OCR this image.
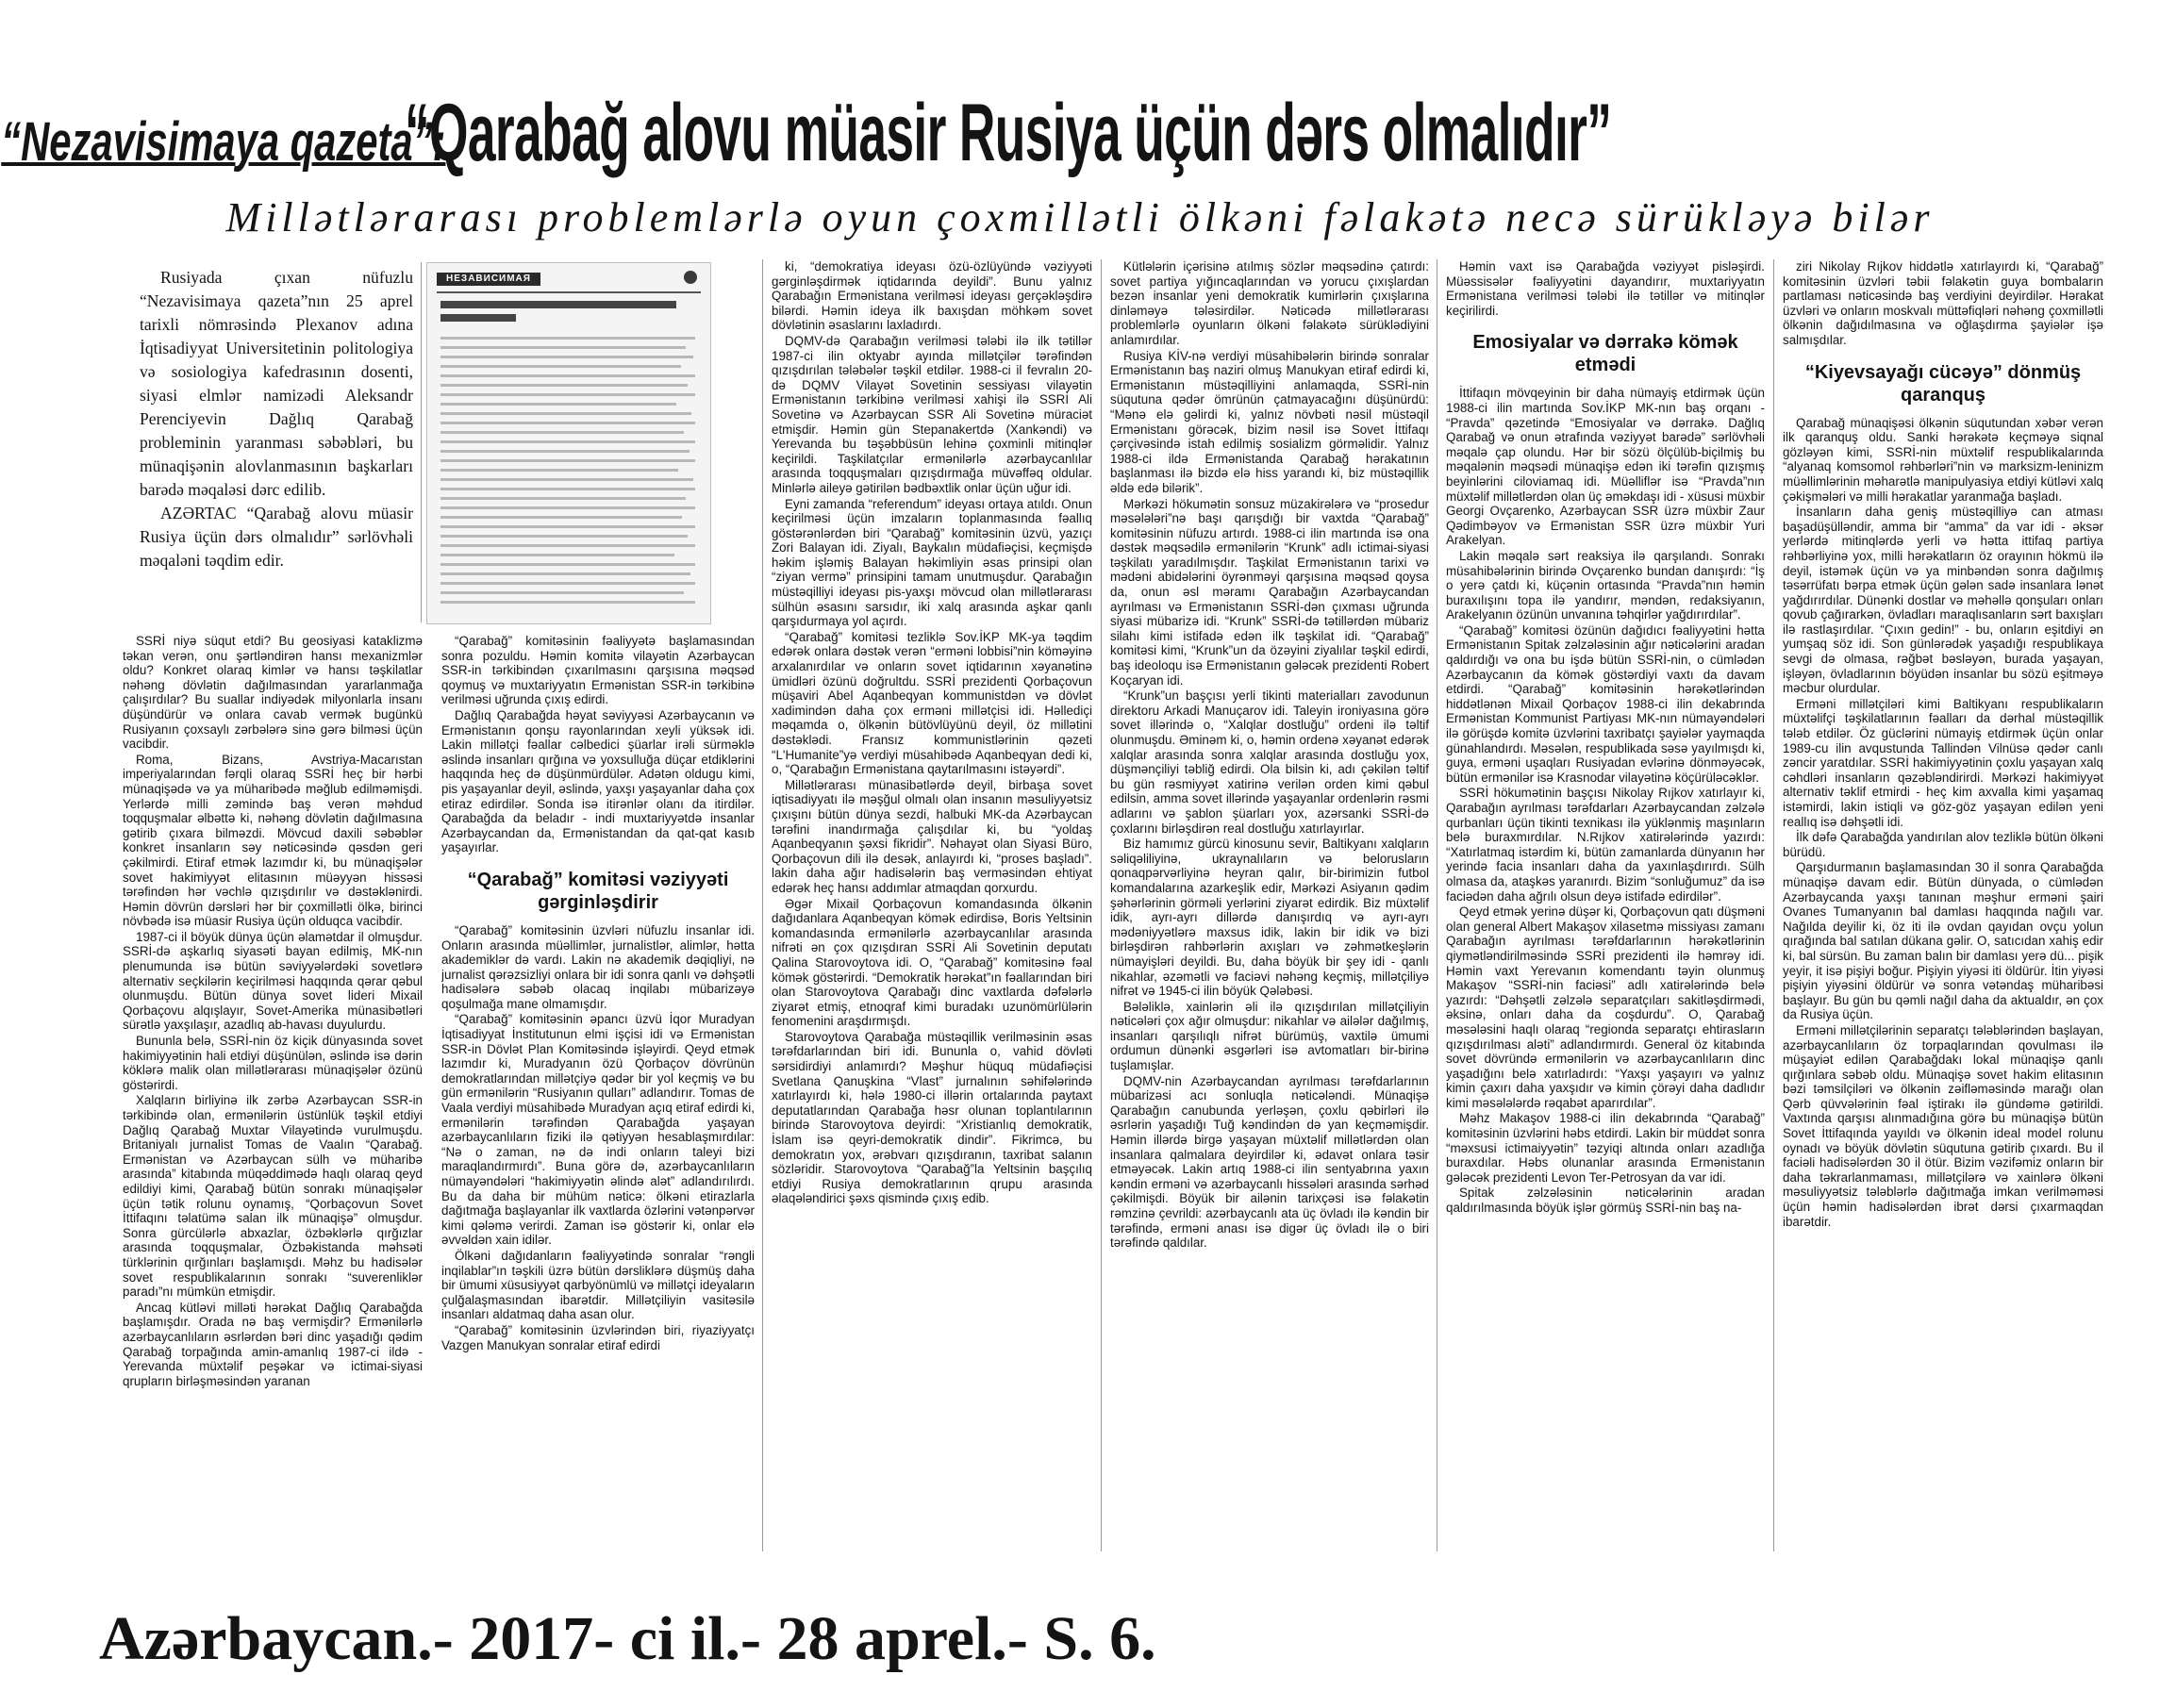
“Nezavisimaya qazeta”:
“Qarabağ alovu müasir Rusiya üçün dərs olmalıdır”
Millətlərarası problemlərlə oyun çoxmillətli ölkəni fəlakətə necə sürükləyə bilər

Rusiyada çıxan nüfuzlu “Nezavisimaya qazeta”nın 25 aprel tarixli nömrəsində Plexanov adına İqtisadiyyat Universitetinin politologiya və sosiologiya kafedrasının dosenti, siyasi elmlər namizədi Aleksandr Perenciyevin Dağlıq Qarabağ probleminin yaranması səbəbləri, bu münaqişənin alovlanmasının başkarları barədə məqaləsi dərc edilib.

AZƏRTAC “Qarabağ alovu müasir Rusiya üçün dərs olmalıdır” sərlövhəli məqaləni təqdim edir.

НЕЗАВИСИМАЯ

SSRİ niyə süqut etdi? Bu geosiyasi kataklizmə təkan verən, onu şərtləndirən hansı mexanizmlər oldu? Konkret olaraq kimlər və hansı təşkilatlar nəhəng dövlətin dağılmasından yararlanmağa çalışırdılar? Bu suallar indiyədək milyonlarla insanı düşündürür və onlara cavab vermək bugünkü Rusiyanın çoxsaylı zərbələrə sinə gərə bilməsi üçün vacibdir.

Roma, Bizans, Avstriya-Macarıstan imperiyalarından fərqli olaraq SSRİ heç bir hərbi münaqişədə və ya müharibədə məğlub edilməmişdi. Yerlərdə milli zəmində baş verən məhdud toqquşmalar əlbəttə ki, nəhəng dövlətin dağılmasına gətirib çıxara bilməzdi. Mövcud daxili səbəblər konkret insanların səy nəticəsində qəsdən geri çəkilmirdi. Etiraf etmək lazımdır ki, bu münaqişələr sovet hakimiyyət elitasının müəyyən hissəsi tərəfindən hər vəchlə qızışdırılır və dəstəklənirdi. Həmin dövrün dərsləri hər bir çoxmillətli ölkə, birinci növbədə isə müasir Rusiya üçün olduqca vacibdir.

1987-ci il böyük dünya üçün əlamətdar il olmuşdur. SSRİ-də aşkarlıq siyasəti bayan edilmiş, MK-nın plenumunda isə bütün səviyyələrdəki sovetlərə alternativ seçkilərin keçirilməsi haqqında qərar qəbul olunmuşdu. Bütün dünya sovet lideri Mixail Qorbaçovu alqışlayır, Sovet-Amerika münasibətləri sürətlə yaxşılaşır, azadlıq ab-havası duyulurdu.

Bununla belə, SSRİ-nin öz kiçik dünyasında sovet hakimiyyətinin hali etdiyi düşünülən, əslində isə dərin köklərə malik olan millətlərarası münaqişələr özünü göstərirdi.

Xalqların birliyinə ilk zərbə Azərbaycan SSR-in tərkibində olan, ermənilərin üstünlük təşkil etdiyi Dağlıq Qarabağ Muxtar Vilayətində vurulmuşdu. Britaniyalı jurnalist Tomas de Vaalın “Qarabağ. Ermənistan və Azərbaycan sülh və müharibə arasında” kitabında müqəddimədə haqlı olaraq qeyd edildiyi kimi, Qarabağ bütün sonrakı münaqişələr üçün tətik rolunu oynamış, “Qorbaçovun Sovet İttifaqını təlatümə salan ilk münaqişə” olmuşdur. Sonra gürcülərlə abxazlar, özbəklərlə qırğızlar arasında toqquşmalar, Özbəkistanda məhsəti türklərinin qırğınları başlamışdı. Məhz bu hadisələr sovet respublikalarının sonrakı “suverenliklər paradı”nı mümkün etmişdir.

Ancaq kütləvi milləti hərəkat Dağlıq Qarabağda başlamışdır. Orada nə baş vermişdir? Ermənilərlə azərbaycanlıların əsrlərdən bəri dinc yaşadığı qədim Qarabağ torpağında amin-amanlıq 1987-ci ildə - Yerevanda müxtəlif peşəkar və ictimai-siyasi qrupların birləşməsindən yaranan

“Qarabağ” komitəsinin fəaliyyətə başlamasından sonra pozuldu. Həmin komitə vilayətin Azərbaycan SSR-in tərkibindən çıxarılmasını qarşısına məqsəd qoymuş və muxtariyyatın Ermənistan SSR-in tərkibinə verilməsi uğrunda çıxış edirdi.

Dağlıq Qarabağda həyat səviyyəsi Azərbaycanın və Ermənistanın qonşu rayonlarından xeyli yüksək idi. Lakin millətçi fəallar cəlbedici şüarlar irəli sürməklə əslində insanları qırğına və yoxsulluğa düçar etdiklərini haqqında heç də düşünmürdülər. Adətən oldugu kimi, pis yaşayanlar deyil, əslində, yaxşı yaşayanlar daha çox etiraz edirdilər. Sonda isə itirənlər olanı da itirdilər. Qarabağda da beladır - indi muxtariyyətdə insanlar Azərbaycandan da, Ermənistandan da qat-qat kasıb yaşayırlar.

“Qarabağ” komitəsi vəziyyəti gərginləşdirir

“Qarabağ” komitəsinin üzvləri nüfuzlu insanlar idi. Onların arasında müəllimlər, jurnalistlər, alimlər, hətta akademiklər də vardı. Lakin nə akademik dəqiqliyi, nə jurnalist qərəzsizliyi onlara bir idi sonra qanlı və dəhşətli hadisələrə səbəb olacaq inqilabı mübarizəyə qoşulmağa mane olmamışdır.

“Qarabağ” komitəsinin əpancı üzvü İqor Muradyan İqtisadiyyat İnstitutunun elmi işçisi idi və Ermənistan SSR-in Dövlət Plan Komitəsində işləyirdi. Qeyd etmək lazımdır ki, Muradyanın özü Qorbaçov dövrünün demokratlarından millətçiyə qədər bir yol keçmiş və bu gün ermənilərin “Rusiyanın qulları” adlandırır. Tomas de Vaala verdiyi müsahibədə Muradyan açıq etiraf edirdi ki, ermənilərin tərəfindən Qarabağda yaşayan azərbaycanlıların fiziki ilə qətiyyən hesablaşmırdılar: “Nə o zaman, nə də indi onların taleyi bizi maraqlandırmırdı”. Buna görə də, azərbaycanlıların nümayəndələri “hakimiyyətin əlində alət” adlandırılırdı. Bu da daha bir mühüm nəticə: ölkəni etirazlarla dağıtmağa başlayanlar ilk vaxtlarda özlərini vətənpərvər kimi qələmə verirdi. Zaman isə göstərir ki, onlar elə əvvəldən xain idilər.

Ölkəni dağıdanların fəaliyyətində sonralar “rəngli inqilablar”ın təşkili üzrə bütün dərsliklərə düşmüş daha bir ümumi xüsusiyyət qarbyönümlü və millətçi ideyaların çulğalaşmasından ibarətdir. Millətçiliyin vasitəsilə insanları aldatmaq daha asan olur.

“Qarabağ” komitəsinin üzvlərindən biri, riyaziyyatçı Vazgen Manukyan sonralar etiraf edirdi

ki, “demokratiya ideyası özü-özlüyündə vəziyyəti gərginləşdirmək iqtidarında deyildi”. Bunu yalnız Qarabağın Ermənistana verilməsi ideyası gerçəkləşdirə bilərdi. Həmin ideya ilk baxışdan möhkəm sovet dövlətinin əsaslarını laxladırdı.

DQMV-də Qarabağın verilməsi tələbi ilə ilk tətillər 1987-ci ilin oktyabr ayında millətçilər tərəfindən qızışdırılan tələbələr təşkil etdilər. 1988-ci il fevralın 20-də DQMV Vilayət Sovetinin sessiyası vilayətin Ermənistanın tərkibinə verilməsi xahişi ilə SSRİ Ali Sovetinə və Azərbaycan SSR Ali Sovetinə müraciət etmişdir. Həmin gün Stepanakertdə (Xankəndi) və Yerevanda bu təşəbbüsün lehinə çoxminli mitinqlər keçirildi. Taşkilatçılar ermənilərlə azərbaycanlılar arasında toqquşmaları qızışdırmağa müvəffəq oldular. Minlərlə aileyə gətirilən bədbəxtlik onlar üçün uğur idi.

Eyni zamanda “referendum” ideyası ortaya atıldı. Onun keçirilməsi üçün imzaların toplanmasında fəallıq göstərənlərdən biri “Qarabağ” komitəsinin üzvü, yazıçı Zori Balayan idi. Ziyalı, Baykalın müdafiəçisi, keçmişdə həkim işləmiş Balayan həkimliyin əsas prinsipi olan “ziyan vermə” prinsipini tamam unutmuşdur. Qarabağın müstəqilliyi ideyası pis-yaxşı mövcud olan millətlərarası sülhün əsasını sarsıdır, iki xalq arasında aşkar qanlı qarşıdurmaya yol açırdı.

“Qarabağ” komitəsi tezliklə Sov.İKP MK-ya təqdim edərək onlara dəstək verən “erməni lobbisi”nin köməyinə arxalanırdılar və onların sovet iqtidarının xəyanətinə ümidləri özünü doğrultdu. SSRİ prezidenti Qorbaçovun müşaviri Abel Aqanbeqyan kommunistdən və dövlət xadimindən daha çox erməni millətçisi idi. Həllediçi məqamda o, ölkənin bütövlüyünü deyil, öz millətini dəstəklədi. Fransız kommunistlərinin qəzeti “L'Humanite”yə verdiyi müsahibədə Aqanbeqyan dedi ki, o, “Qarabağın Ermənistana qaytarılmasını istəyərdi”.

Millətlərarası münasibətlərdə deyil, birbaşa sovet iqtisadiyyatı ilə məşğul olmalı olan insanın məsuliyyətsiz çıxışını bütün dünya sezdi, halbuki MK-da Azərbaycan tərəfini inandırmağa çalışdılar ki, bu “yoldaş Aqanbeqyanın şəxsi fikridir”. Nəhayət olan Siyasi Büro, Qorbaçovun dili ilə desək, anlayırdı ki, “proses başladı”. lakin daha ağır hadisələrin baş verməsindən ehtiyat edərək heç hansı addımlar atmaqdan qorxurdu.

Əgər Mixail Qorbaçovun komandasında ölkənin dağıdanlara Aqanbeqyan kömək edirdisə, Boris Yeltsinin komandasında ermənilərlə azərbaycanlılar arasında nifrəti ən çox qızışdıran SSRİ Ali Sovetinin deputatı Qalina Starovoytova idi. O, “Qarabağ” komitəsinə fəal kömək göstərirdi. “Demokratik hərəkat”ın fəallarından biri olan Starovoytova Qarabağı dinc vaxtlarda dəfələrlə ziyarət etmiş, etnoqraf kimi buradakı uzunömürlülərin fenomenini araşdırmışdı.

Starovoytova Qarabağa müstəqillik verilməsinin əsas tərəfdarlarından biri idi. Bununla o, vahid dövləti sərsidirdiyi anlamırdı? Məşhur hüquq müdafiəçisi Svetlana Qanuşkina “Vlast” jurnalının səhifələrində xatırlayırdı ki, hələ 1980-ci illərin ortalarında paytaxt deputatlarından Qarabağa həsr olunan toplantılarının birində Starovoytova deyirdi: “Xristianlıq demokratik, İslam isə qeyri-demokratik dindir”. Fikrimcə, bu demokratın yox, ərəbvarı qızışdıranın, taxribat salanın sözləridir. Starovoytova “Qarabağ”la Yeltsinin başçılıq etdiyi Rusiya demokratlarının qrupu arasında əlaqələndirici şəxs qismində çıxış edib.

Kütlələrin içərisinə atılmış sözlər məqsədinə çatırdı: sovet partiya yığıncaqlarından və yorucu çıxışlardan bezən insanlar yeni demokratik kumirlərin çıxışlarına dinləməyə tələsirdilər. Nəticədə millətlərarası problemlərlə oyunların ölkəni fəlakətə sürüklədiyini anlamırdılar.

Rusiya KİV-nə verdiyi müsahibələrin birində sonralar Ermənistanın baş naziri olmuş Manukyan etiraf edirdi ki, Ermənistanın müstəqilliyini anlamaqda, SSRİ-nin süqutuna qədər ömrünün çatmayacağını düşünürdü: “Mənə elə gəlirdi ki, yalnız növbəti nəsil müstəqil Ermənistanı görəcək, bizim nəsil isə Sovet İttifaqı çərçivəsində istah edilmiş sosializm görməlidir. Yalnız 1988-ci ildə Ermənistanda Qarabağ hərakatının başlanması ilə bizdə elə hiss yarandı ki, biz müstəqillik əldə edə bilərik”.

Mərkəzi hökumətin sonsuz müzakirələrə və “prosedur məsələləri”nə başı qarışdığı bir vaxtda “Qarabağ” komitəsinin nüfuzu artırdı. 1988-ci ilin martında isə ona dəstək məqsədilə ermənilərin “Krunk” adlı ictimai-siyasi təşkilatı yaradılmışdır. Taşkilat Ermənistanın tarixi və mədəni abidələrini öyrənməyi qarşısına məqsəd qoysa da, onun əsl məramı Qarabağın Azərbaycandan ayrılması və Ermənistanın SSRİ-dən çıxması uğrunda siyasi mübarizə idi. “Krunk” SSRİ-də tətillərdən mübariz silahı kimi istifadə edən ilk təşkilat idi. “Qarabağ” komitəsi kimi, “Krunk”un da özəyini ziyalılar təşkil edirdi, baş ideoloqu isə Ermənistanın gələcək prezidenti Robert Koçaryan idi.

“Krunk”un başçısı yerli tikinti materialları zavodunun direktoru Arkadi Manuçarov idi. Taleyin ironiyasına görə sovet illərində o, “Xalqlar dostluğu” ordeni ilə təltif olunmuşdu. Əminəm ki, o, həmin ordenə xəyanət edərək xalqlar arasında sonra xalqlar arasında dostluğu yox, düşmənçiliyi təbliğ edirdi. Ola bilsin ki, adı çəkilən təltif bu gün rəsmiyyət xatirinə verilən orden kimi qəbul edilsin, amma sovet illərində yaşayanlar ordenlərin rəsmi adlarını və şablon şüarları yox, azərsanki SSRİ-də çoxlarını birləşdirən real dostluğu xatırlayırlar.

Biz hamımız gürcü kinosunu sevir, Baltikyanı xalqların səliqəliliyinə, ukraynalıların və belorusların qonaqpərvərliyinə heyran qalır, bir-birimizin futbol komandalarına azarkeşlik edir, Mərkəzi Asiyanın qədim şəhərlərinin görməli yerlərini ziyarət edirdik. Biz müxtəlif idik, ayrı-ayrı dillərdə danışırdıq və ayrı-ayrı mədəniyyətlərə maxsus idik, lakin bir idik və bizi birləşdirən rahbərlərin axışları və zəhmətkeşlərin nümayişləri deyildi. Bu, daha böyük bir şey idi - qanlı nikahlar, əzəmətli və faciəvi nəhəng keçmiş, millətçiliyə nifrət və 1945-ci ilin böyük Qələbəsi.

Bələliklə, xainlərin əli ilə qızışdırılan millətçiliyin nəticələri çox ağır olmuşdur: nikahlar və ailələr dağılmış, insanları qarşılıqlı nifrət bürümüş, vaxtilə ümumi ordumun dünənki əsgərləri isə avtomatları bir-birinə tuşlamışlar.

DQMV-nin Azərbaycandan ayrılması tərəfdarlarının mübarizəsi acı sonluqla nəticələndi. Münaqişə Qarabağın canubunda yerləşən, çoxlu qəbirləri ilə əsrlərin yaşadığı Tuğ kəndindən də yan keçməmişdir. Həmin illərdə birgə yaşayan müxtəlif millətlərdən olan insanlara qalmalara deyirdilər ki, ədavət onlara təsir etməyəcək. Lakin artıq 1988-ci ilin sentyabrına yaxın kəndin erməni və azərbaycanlı hissələri arasında sərhəd çəkilmişdi. Böyük bir ailənin tarixçəsi isə fəlakətin rəmzinə çevrildi: azərbaycanlı ata üç övladı ilə kəndin bir tərəfində, erməni anası isə digər üç övladı ilə o biri tərəfində qaldılar.

Həmin vaxt isə Qarabağda vəziyyət pisləşirdi. Müəssisələr fəaliyyətini dayandırır, muxtariyyatın Ermənistana verilməsi tələbi ilə tətillər və mitinqlər keçirilirdi.

Emosiyalar və dərrakə kömək etmədi

İttifaqın mövqeyinin bir daha nümayiş etdirmək üçün 1988-ci ilin martında Sov.İKP MK-nın baş orqanı - “Pravda” qəzetində “Emosiyalar və dərrakə. Dağlıq Qarabağ və onun ətrafında vəziyyət barədə” sərlövhəli məqalə çap olundu. Hər bir sözü ölçülüb-biçilmiş bu məqalənin məqsədi münaqişə edən iki tərəfin qızışmış beyinlərini ciloviamaq idi. Müəlliflər isə “Pravda”nın müxtəlif millətlərdən olan üç əməkdaşı idi - xüsusi müxbir Georgi Ovçarenko, Azərbaycan SSR üzrə müxbir Zaur Qədimbəyov və Ermənistan SSR üzrə müxbir Yuri Arakelyan.

Lakin məqalə sərt reaksiya ilə qarşılandı. Sonrakı müsahibələrinin birində Ovçarenko bundan danışırdı: “İş o yerə çatdı ki, küçənin ortasında “Pravda”nın həmin buraxılışını topa ilə yandırır, məndən, redaksiyanın, Arakelyanın özünün unvanına təhqirlər yağdırırdılar”.

“Qarabağ” komitəsi özünün dağıdıcı fəaliyyətini hətta Ermənistanın Spitak zəlzələsinin ağır nəticələrini aradan qaldırdığı və ona bu işdə bütün SSRİ-nin, o cümlədən Azərbaycanın da kömək göstərdiyi vaxtı da davam etdirdi. “Qarabağ” komitəsinin hərəkətlərindən hiddətlənən Mixail Qorbaçov 1988-ci ilin dekabrında Ermənistan Kommunist Partiyası MK-nın nümayəndələri ilə görüşdə komitə üzvlərini taxribatçı şayiələr yaymaqda günahlandırdı. Məsələn, respublikada səsə yayılmışdı ki, guya, erməni uşaqları Rusiyadan evlərinə dönməyəcək, bütün ermənilər isə Krasnodar vilayətinə köçürüləcəklər.

SSRİ hökumətinin başçısı Nikolay Rıjkov xatırlayır ki, Qarabağın ayrılması tərəfdarları Azərbaycandan zəlzələ qurbanları üçün tikinti texnikası ilə yüklənmiş maşınların belə buraxmırdılar. N.Rıjkov xatirələrində yazırdı: “Xatırlatmaq istərdim ki, bütün zamanlarda dünyanın hər yerində facia insanları daha da yaxınlaşdırırdı. Sülh olmasa da, ataşkəs yaranırdı. Bizim “sonluğumuz” da isə faciədən daha ağrılı olsun deyə istifadə edirdilər”.

Qeyd etmək yerinə düşər ki, Qorbaçovun qatı düşməni olan general Albert Makaşov xilasetmə missiyası zamanı Qarabağın ayrılması tərəfdarlarının hərəkətlərinin qiymətləndirilməsində SSRİ prezidenti ilə həmrəy idi. Həmin vaxt Yerevanın komendantı təyin olunmuş Makaşov “SSRİ-nin faciəsi” adlı xatirələrində belə yazırdı: “Dəhşətli zəlzələ separatçıları sakitləşdirmədi, əksinə, onları daha da coşdurdu”. O, Qarabağ məsələsini haqlı olaraq “regionda separatçı ehtirasların qızışdırılması aləti” adlandırmırdı. General öz kitabında sovet dövründə ermənilərin və azərbaycanlıların dinc yaşadığını belə xatırladırdı: “Yaxşı yaşayırı və yalnız kimin çaxırı daha yaxşıdır və kimin çörəyi daha dadlıdır kimi məsələlərdə rəqabət aparırdılar”.

Məhz Makaşov 1988-ci ilin dekabrında “Qarabağ” komitəsinin üzvlərini həbs etdirdi. Lakin bir müddət sonra “məxsusi ictimaiyyətin” təzyiqi altında onları azadlığa buraxdılar. Həbs olunanlar arasında Ermənistanın gələcək prezidenti Levon Ter-Petrosyan da var idi.

Spitak zəlzələsinin nəticələrinin aradan qaldırılmasında böyük işlər görmüş SSRİ-nin baş na-

ziri Nikolay Rıjkov hiddətlə xatırlayırdı ki, “Qarabağ” komitəsinin üzvləri təbii fəlakətin guya bombaların partlaması nəticəsində baş verdiyini deyirdilər. Hərakat üzvləri və onların moskvalı müttəfiqləri nəhəng çoxmillətli ölkənin dağıdılmasına və oğlaşdırma şayiələr işə salmışdılar.

“Kiyevsayağı cücəyə” dönmüş qaranquş

Qarabağ münaqişəsi ölkənin süqutundan xəbər verən ilk qaranquş oldu. Sanki hərəkətə keçməyə siqnal gözləyən kimi, SSRİ-nin müxtəlif respublikalarında “alyanaq komsomol rəhbərləri”nin və marksizm-leninizm müəllimlərinin məharətlə manipulyasiya etdiyi kütləvi xalq çəkişmələri və milli hərakatlar yaranmağa başladı.

İnsanların daha geniş müstəqilliyə can atması başadüşülləndir, amma bir “amma” da var idi - əksər yerlərdə mitinqlərdə yerli və hətta ittifaq partiya rəhbərliyinə yox, milli hərəkatların öz orayının hökmü ilə deyil, istəmək üçün və ya minbəndən sonra dağılmış təsərrüfatı bərpa etmək üçün gələn sadə insanlara lənət yağdırırdılar. Dünənki dostlar və məhəllə qonşuları onları qovub çağırarkən, övladları maraqlısanların sərt baxışları ilə rastlaşırdılar. “Çıxın gedin!” - bu, onların eşitdiyi ən yumşaq söz idi. Son günlərədək yaşadığı respublikaya sevgi də olmasa, rəğbət bəsləyən, burada yaşayan, işləyən, övladlarının böyüdən insanlar bu sözü eşitməyə məcbur olurdular.

Erməni millətçiləri kimi Baltikyanı respublikaların müxtəlifçi təşkilatlarının fəalları da dərhal müstəqillik tələb etdilər. Öz güclərini nümayiş etdirmək üçün onlar 1989-cu ilin avqustunda Tallindən Vilnüsə qədər canlı zəncir yaratdılar. SSRİ hakimiyyətinin çoxlu yaşayan xalq cəhdləri insanların qəzəbləndirirdi. Mərkəzi hakimiyyət alternativ təklif etmirdi - heç kim axvalla kimi yaşamaq istəmirdi, lakin istiqli və göz-göz yaşayan edilən yeni reallıq isə dəhşətli idi.

İlk dəfə Qarabağda yandırılan alov tezliklə bütün ölkəni bürüdü.

Qarşıdurmanın başlamasından 30 il sonra Qarabağda münaqişə davam edir. Bütün dünyada, o cümlədən Azərbaycanda yaxşı tanınan məşhur erməni şairi Ovanes Tumanyanın bal damlası haqqında nağılı var. Nağılda deyilir ki, öz iti ilə ovdan qayıdan ovçu yolun qırağında bal satılan dükana gəlir. O, satıcıdan xahiş edir ki, bal sürsün. Bu zaman balın bir damlası yerə dü... pişik yeyir, it isə pişiyi boğur. Pişiyin yiyəsi iti öldürür. İtin yiyəsi pişiyin yiyəsini öldürür və sonra vətəndaş müharibəsi başlayır. Bu gün bu qəmli nağıl daha da aktualdır, ən çox da Rusiya üçün.

Erməni millətçilərinin separatçı tələblərindən başlayan, azərbaycanlıların öz torpaqlarından qovulması ilə müşayiət edilən Qarabağdakı lokal münaqişə qanlı qırğınlara səbəb oldu. Münaqişə sovet hakim elitasının bəzi təmsilçiləri və ölkənin zəifləməsində marağı olan Qərb qüvvələrinin fəal iştirakı ilə gündəmə gətirildi. Vaxtında qarşısı alınmadığına görə bu münaqişə bütün Sovet İttifaqında yayıldı və ölkənin ideal model rolunu oynadı və böyük dövlətin süqutuna gətirib çıxardı. Bu il faciəli hadisələrdən 30 il ötür. Bizim vəzifəmiz onların bir daha təkrarlanmaması, millətçilərə və xainlərə ölkəni məsuliyyətsiz tələblərlə dağıtmağa imkan verilməməsi üçün həmin hadisələrdən ibrət dərsi çıxarmaqdan ibarətdir.

Azərbaycan.- 2017- ci il.- 28 aprel.- S. 6.
